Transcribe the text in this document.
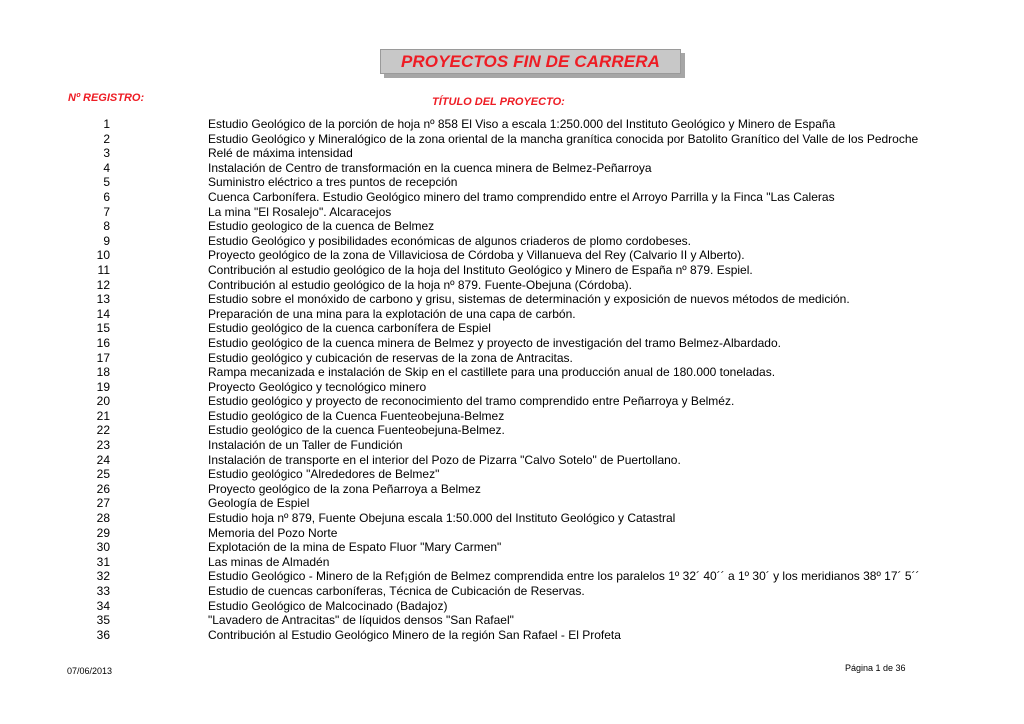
PROYECTOS FIN DE CARRERA
Nº REGISTRO:	TÍTULO DEL PROYECTO:
1	Estudio Geológico de la porción de hoja nº 858 El Viso a escala 1:250.000 del Instituto Geológico y Minero de España
2	Estudio Geológico y Mineralógico de la zona oriental de la mancha granítica conocida por Batolito Granítico del Valle de los Pedroche
3	Relé de máxima intensidad
4	Instalación de Centro de transformación en la cuenca minera de Belmez-Peñarroya
5	Suministro eléctrico a tres puntos de recepción
6	Cuenca Carbonífera. Estudio Geológico minero del tramo comprendido entre el Arroyo Parrilla y la Finca "Las Caleras
7	La mina "El Rosalejo". Alcaracejos
8	Estudio geologico de la cuenca de Belmez
9	Estudio Geológico y posibilidades económicas de algunos criaderos de plomo cordobeses.
10	Proyecto geológico de la zona de Villaviciosa de Córdoba y Villanueva del Rey (Calvario II y Alberto).
11	Contribución al estudio geológico de la hoja del Instituto Geológico y Minero de España nº 879. Espiel.
12	Contribución al estudio geológico de la hoja nº 879. Fuente-Obejuna (Córdoba).
13	Estudio sobre el monóxido de carbono y grisu, sistemas de determinación y exposición de nuevos métodos de medición.
14	Preparación de una mina para la explotación de una capa de carbón.
15	Estudio geológico de la cuenca carbonífera de Espiel
16	Estudio geológico de la cuenca minera de Belmez y proyecto de investigación del tramo Belmez-Albardado.
17	Estudio geológico y cubicación de reservas de la zona de Antracitas.
18	Rampa mecanizada e instalación de Skip en el castillete para una producción anual de 180.000 toneladas.
19	Proyecto Geológico y tecnológico minero
20	Estudio geológico y proyecto de reconocimiento del tramo comprendido entre Peñarroya y Belméz.
21	Estudio geológico de la Cuenca Fuenteobejuna-Belmez
22	Estudio geológico de la cuenca Fuenteobejuna-Belmez.
23	Instalación de un Taller de Fundición
24	Instalación de transporte en el interior del Pozo de Pizarra "Calvo Sotelo" de Puertollano.
25	Estudio geológico "Alrededores de Belmez"
26	Proyecto geológico de la zona Peñarroya a Belmez
27	Geología de Espiel
28	Estudio hoja nº 879, Fuente Obejuna escala 1:50.000 del Instituto Geológico y Catastral
29	Memoria del Pozo Norte
30	Explotación de la mina de Espato Fluor "Mary Carmen"
31	Las minas de Almadén
32	Estudio Geológico - Minero de la Ref¡gión de Belmez comprendida entre los paralelos 1º 32´ 40´´ a 1º 30´ y los meridianos 38º 17´ 5´´
33	Estudio de cuencas carboníferas, Técnica de Cubicación de Reservas.
34	Estudio Geológico de Malcocinado (Badajoz)
35	"Lavadero de Antracitas" de líquidos densos "San Rafael"
36	Contribución al Estudio Geológico Minero de la región San Rafael - El Profeta
07/06/2013	Página 1 de 36
